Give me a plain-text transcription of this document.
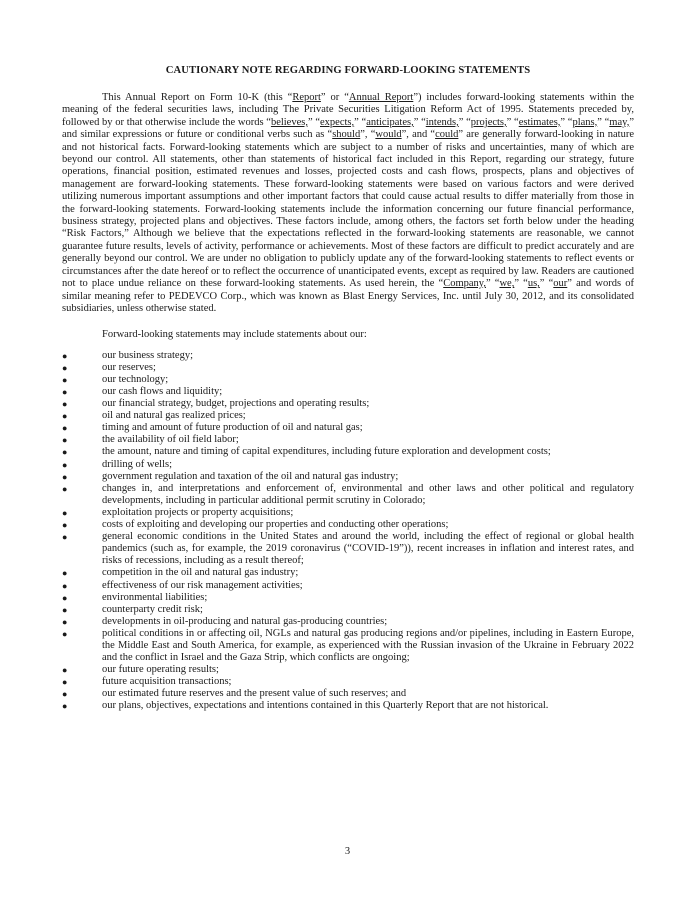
CAUTIONARY NOTE REGARDING FORWARD-LOOKING STATEMENTS

This Annual Report on Form 10-K (this “Report” or “Annual Report”) includes forward-looking statements within the meaning of the federal securities laws, including The Private Securities Litigation Reform Act of 1995. Statements preceded by, followed by or that otherwise include the words “believes,” “expects,” “anticipates,” “intends,” “projects,” “estimates,” “plans,” “may,” and similar expressions or future or conditional verbs such as “should”, “would”, and “could” are generally forward-looking in nature and not historical facts. Forward-looking statements which are subject to a number of risks and uncertainties, many of which are beyond our control. All statements, other than statements of historical fact included in this Report, regarding our strategy, future operations, financial position, estimated revenues and losses, projected costs and cash flows, prospects, plans and objectives of management are forward-looking statements. These forward-looking statements were based on various factors and were derived utilizing numerous important assumptions and other important factors that could cause actual results to differ materially from those in the forward-looking statements. Forward-looking statements include the information concerning our future financial performance, business strategy, projected plans and objectives. These factors include, among others, the factors set forth below under the heading “Risk Factors,” Although we believe that the expectations reflected in the forward-looking statements are reasonable, we cannot guarantee future results, levels of activity, performance or achievements. Most of these factors are difficult to predict accurately and are generally beyond our control. We are under no obligation to publicly update any of the forward-looking statements to reflect events or circumstances after the date hereof or to reflect the occurrence of unanticipated events, except as required by law. Readers are cautioned not to place undue reliance on these forward-looking statements. As used herein, the “Company,” “we,” “us,” “our” and words of similar meaning refer to PEDEVCO Corp., which was known as Blast Energy Services, Inc. until July 30, 2012, and its consolidated subsidiaries, unless otherwise stated.

Forward-looking statements may include statements about our:

●	our business strategy;
●	our reserves;
●	our technology;
●	our cash flows and liquidity;
●	our financial strategy, budget, projections and operating results;
●	oil and natural gas realized prices;
●	timing and amount of future production of oil and natural gas;
●	the availability of oil field labor;
●	the amount, nature and timing of capital expenditures, including future exploration and development costs;
●	drilling of wells;
●	government regulation and taxation of the oil and natural gas industry;
●	changes in, and interpretations and enforcement of, environmental and other laws and other political and regulatory developments, including in particular additional permit scrutiny in Colorado;
●	exploitation projects or property acquisitions;
●	costs of exploiting and developing our properties and conducting other operations;
●	general economic conditions in the United States and around the world, including the effect of regional or global health pandemics (such as, for example, the 2019 coronavirus (“COVID-19”)), recent increases in inflation and interest rates, and risks of recessions, including as a result thereof;
●	competition in the oil and natural gas industry;
●	effectiveness of our risk management activities;
●	environmental liabilities;
●	counterparty credit risk;
●	developments in oil-producing and natural gas-producing countries;
●	political conditions in or affecting oil, NGLs and natural gas producing regions and/or pipelines, including in Eastern Europe, the Middle East and South America, for example, as experienced with the Russian invasion of the Ukraine in February 2022 and the conflict in Israel and the Gaza Strip, which conflicts are ongoing;
●	our future operating results;
●	future acquisition transactions;
●	our estimated future reserves and the present value of such reserves; and
●	our plans, objectives, expectations and intentions contained in this Quarterly Report that are not historical.
3
